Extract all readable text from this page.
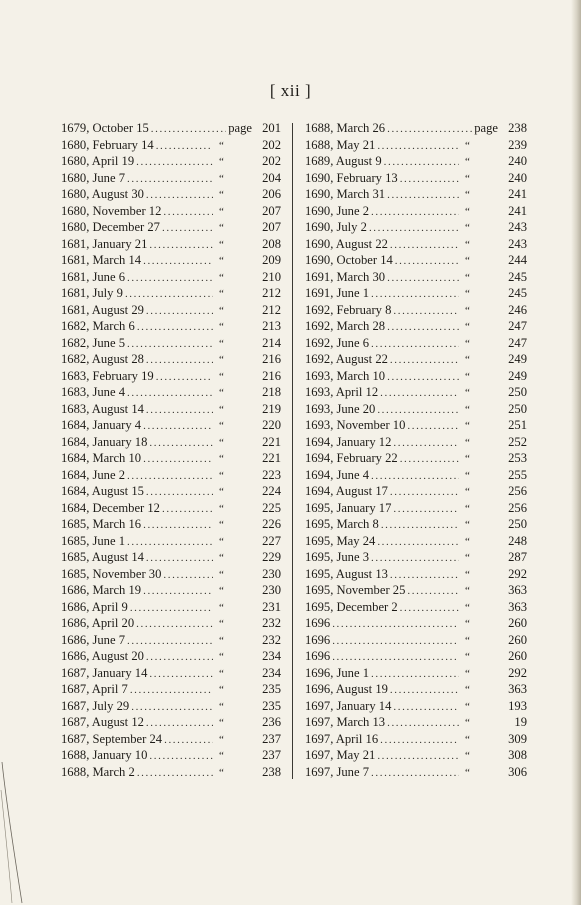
[ xii ]
1679, October 15 .....	page 201
1680, February 14 .....	“	202
1680, April 19 .....	“	202
1680, June 7 .....	“	204
1680, August 30 .....	“	206
1680, November 12 .....	“	207
1680, December 27 .....	“	207
1681, January 21 .....	“	208
1681, March 14 .....	“	209
1681, June 6 .....	“	210
1681, July 9 .....	“	212
1681, August 29 .....	“	212
1682, March 6 .....	“	213
1682, June 5 .....	“	214
1682, August 28 .....	“	216
1683, February 19 .....	“	216
1683, June 4 .....	“	218
1683, August 14 .....	“	219
1684, January 4 .....	“	220
1684, January 18 .....	“	221
1684, March 10 .....	“	221
1684, June 2 .....	“	223
1684, August 15 .....	“	224
1684, December 12 .....	“	225
1685, March 16 .....	“	226
1685, June 1 .....	“	227
1685, August 14 .....	“	229
1685, November 30 .....	“	230
1686, March 19 .....	“	230
1686, April 9 .....	“	231
1686, April 20 .....	“	232
1686, June 7 .....	“	232
1686, August 20 .....	“	234
1687, January 14 .....	“	234
1687, April 7 .....	“	235
1687, July 29 .....	“	235
1687, August 12 .....	“	236
1687, September 24 .....	“	237
1688, January 10 .....	“	237
1688, March 2 .....	“	238
1688, March 26 .....	page 238
1688, May 21 .....	“	239
1689, August 9 .....	“	240
1690, February 13 .....	“	240
1690, March 31 .....	“	241
1690, June 2 .....	“	241
1690, July 2 .....	“	243
1690, August 22 .....	“	243
1690, October 14 .....	“	244
1691, March 30 .....	“	245
1691, June 1 .....	“	245
1692, February 8 .....	“	246
1692, March 28 .....	“	247
1692, June 6 .....	“	247
1692, August 22 .....	“	249
1693, March 10 .....	“	249
1693, April 12 .....	“	250
1693, June 20 .....	“	250
1693, November 10 .....	“	251
1694, January 12 .....	“	252
1694, February 22 .....	“	253
1694, June 4 .....	“	255
1694, August 17 .....	“	256
1695, January 17 .....	“	256
1695, March 8 .....	“	250
1695, May 24 .....	“	248
1695, June 3 .....	“	287
1695, August 13 .....	“	292
1695, November 25 .....	“	363
1695, December 2 .....	“	363
1696 .....	“	260
1696 .....	“	260
1696 .....	“	260
1696, June 1 .....	“	292
1696, August 19 .....	“	363
1697, January 14 .....	“	193
1697, March 13 .....	“	19
1697, April 16 .....	“	309
1697, May 21 .....	“	308
1697, June 7 .....	“	306
